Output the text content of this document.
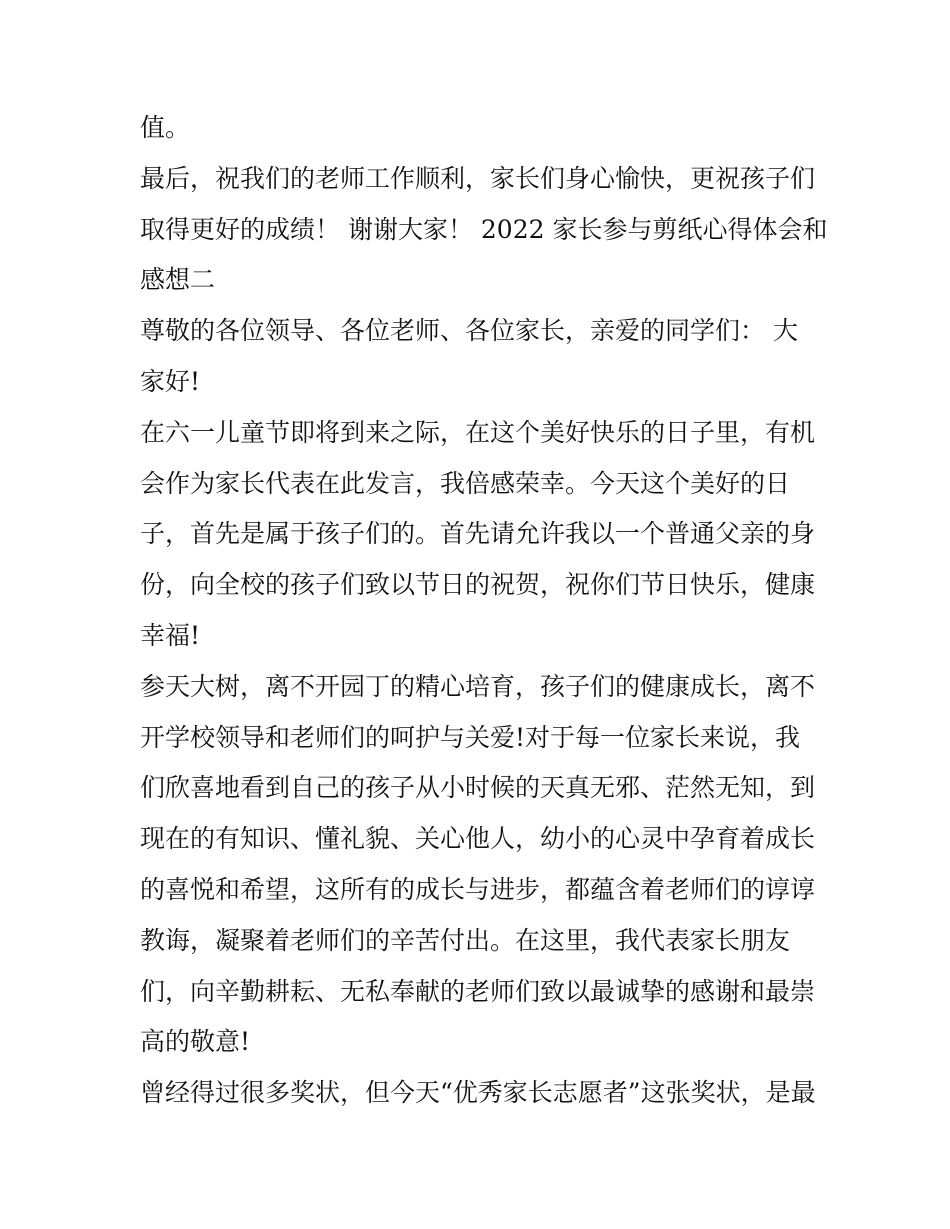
值。
最后，祝我们的老师工作顺利，家长们身心愉快，更祝孩子们
取得更好的成绩！ 谢谢大家！ 2022 家长参与剪纸心得体会和
感想二
尊敬的各位领导、各位老师、各位家长，亲爱的同学们： 大
家好!
在六一儿童节即将到来之际，在这个美好快乐的日子里，有机
会作为家长代表在此发言，我倍感荣幸。今天这个美好的日
子，首先是属于孩子们的。首先请允许我以一个普通父亲的身
份，向全校的孩子们致以节日的祝贺，祝你们节日快乐，健康
幸福!
参天大树，离不开园丁的精心培育，孩子们的健康成长，离不
开学校领导和老师们的呵护与关爱!对于每一位家长来说，我
们欣喜地看到自己的孩子从小时候的天真无邪、茫然无知，到
现在的有知识、懂礼貌、关心他人，幼小的心灵中孕育着成长
的喜悦和希望，这所有的成长与进步，都蕴含着老师们的谆谆
教诲，凝聚着老师们的辛苦付出。在这里，我代表家长朋友
们，向辛勤耕耘、无私奉献的老师们致以最诚挚的感谢和最崇
高的敬意!
曾经得过很多奖状，但今天“优秀家长志愿者”这张奖状，是最
